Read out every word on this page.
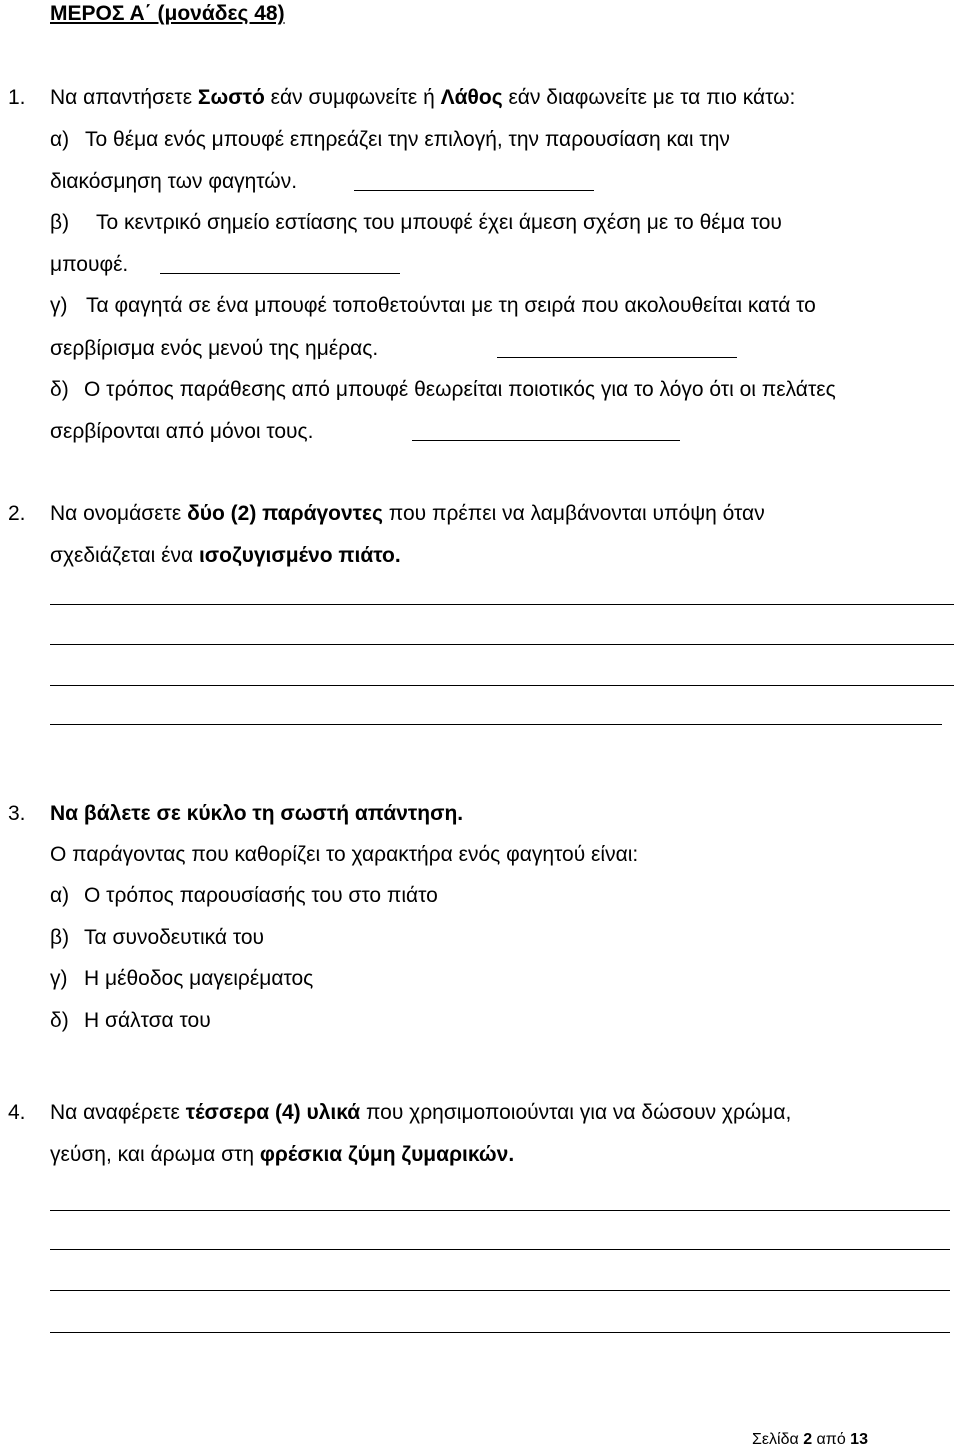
ΜΕΡΟΣ Α΄ (μονάδες 48)
1. Να απαντήσετε Σωστό εάν συμφωνείτε ή Λάθος εάν διαφωνείτε με τα πιο κάτω:
α) Το θέμα ενός μπουφέ επηρεάζει την επιλογή, την παρουσίαση και την
διακόσμηση των φαγητών.
β) Το κεντρικό σημείο εστίασης του μπουφέ έχει άμεση σχέση με το θέμα του
μπουφέ.
γ) Τα φαγητά σε ένα μπουφέ τοποθετούνται με τη σειρά που ακολουθείται κατά το
σερβίρισμα ενός μενού της ημέρας.
δ) Ο τρόπος παράθεσης από μπουφέ θεωρείται ποιοτικός για το λόγο ότι οι πελάτες
σερβίρονται από μόνοι τους.
2. Να ονομάσετε δύο (2) παράγοντες που πρέπει να λαμβάνονται υπόψη όταν
σχεδιάζεται ένα ισοζυγισμένο πιάτο.
3. Να βάλετε σε κύκλο τη σωστή απάντηση.
Ο παράγοντας που καθορίζει το χαρακτήρα ενός φαγητού είναι:
α) Ο τρόπος παρουσίασής του στο πιάτο
β) Τα συνοδευτικά του
γ) Η μέθοδος μαγειρέματος
δ) Η σάλτσα του
4. Να αναφέρετε τέσσερα (4) υλικά που χρησιμοποιούνται για να δώσουν χρώμα,
γεύση, και άρωμα στη φρέσκια ζύμη ζυμαρικών.
Σελίδα 2 από 13
